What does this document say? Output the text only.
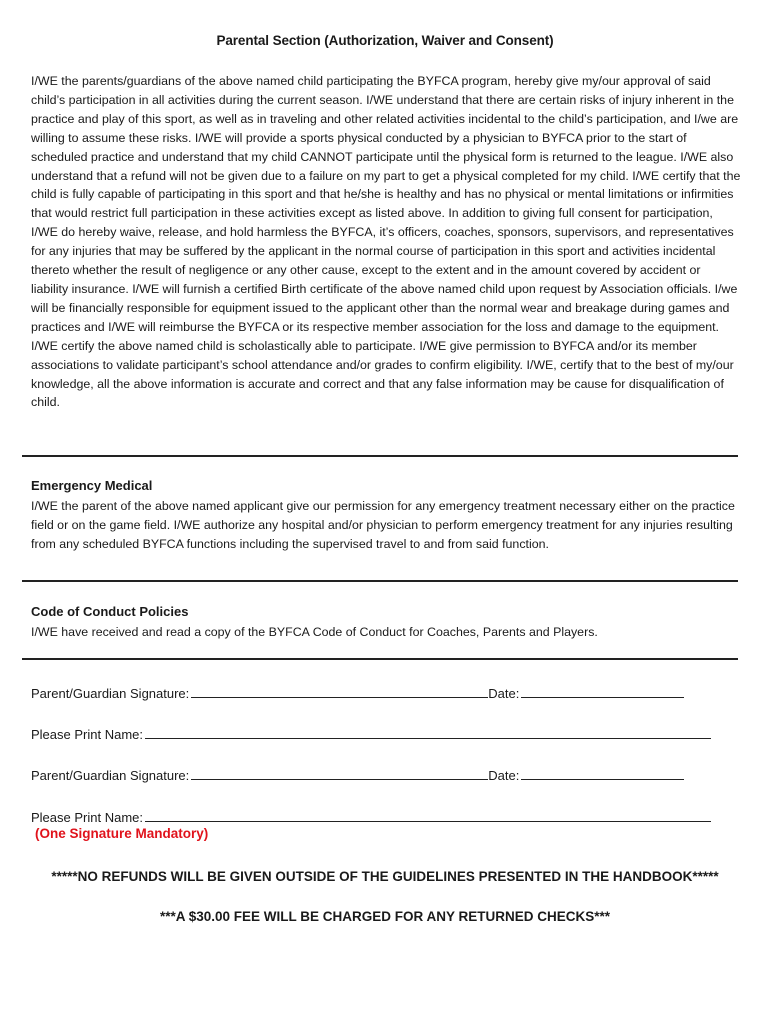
Parental Section (Authorization, Waiver and Consent)
I/WE the parents/guardians of the above named child participating the BYFCA program, hereby give my/our approval of said child’s participation in all activities during the current season. I/WE understand that there are certain risks of injury inherent in the practice and play of this sport, as well as in traveling and other related activities incidental to the child’s participation, and I/we are willing to assume these risks. I/WE will provide a sports physical conducted by a physician to BYFCA prior to the start of scheduled practice and understand that my child CANNOT participate until the physical form is returned to the league. I/WE also understand that a refund will not be given due to a failure on my part to get a physical completed for my child. I/WE certify that the child is fully capable of participating in this sport and that he/she is healthy and has no physical or mental limitations or infirmities that would restrict full participation in these activities except as listed above. In addition to giving full consent for participation, I/WE do hereby waive, release, and hold harmless the BYFCA, it’s officers, coaches, sponsors, supervisors, and representatives for any injuries that may be suffered by the applicant in the normal course of participation in this sport and activities incidental thereto whether the result of negligence or any other cause, except to the extent and in the amount covered by accident or liability insurance. I/WE will furnish a certified Birth certificate of the above named child upon request by Association officials. I/we will be financially responsible for equipment issued to the applicant other than the normal wear and breakage during games and practices and I/WE will reimburse the BYFCA or its respective member association for the loss and damage to the equipment. I/WE certify the above named child is scholastically able to participate. I/WE give permission to BYFCA and/or its member associations to validate participant’s school attendance and/or grades to confirm eligibility. I/WE, certify that to the best of my/our knowledge, all the above information is accurate and correct and that any false information may be cause for disqualification of child.
Emergency Medical
I/WE the parent of the above named applicant give our permission for any emergency treatment necessary either on the practice field or on the game field. I/WE authorize any hospital and/or physician to perform emergency treatment for any injuries resulting from any scheduled BYFCA functions including the supervised travel to and from said function.
Code of Conduct Policies
I/WE have received and read a copy of the BYFCA Code of Conduct for Coaches, Parents and Players.
Parent/Guardian Signature:	Date:
Please Print Name:
Parent/Guardian Signature:	Date:
Please Print Name:
(One Signature Mandatory)
*****NO REFUNDS WILL BE GIVEN OUTSIDE OF THE GUIDELINES PRESENTED IN THE HANDBOOK*****
***A $30.00 FEE WILL BE CHARGED FOR ANY RETURNED CHECKS***
